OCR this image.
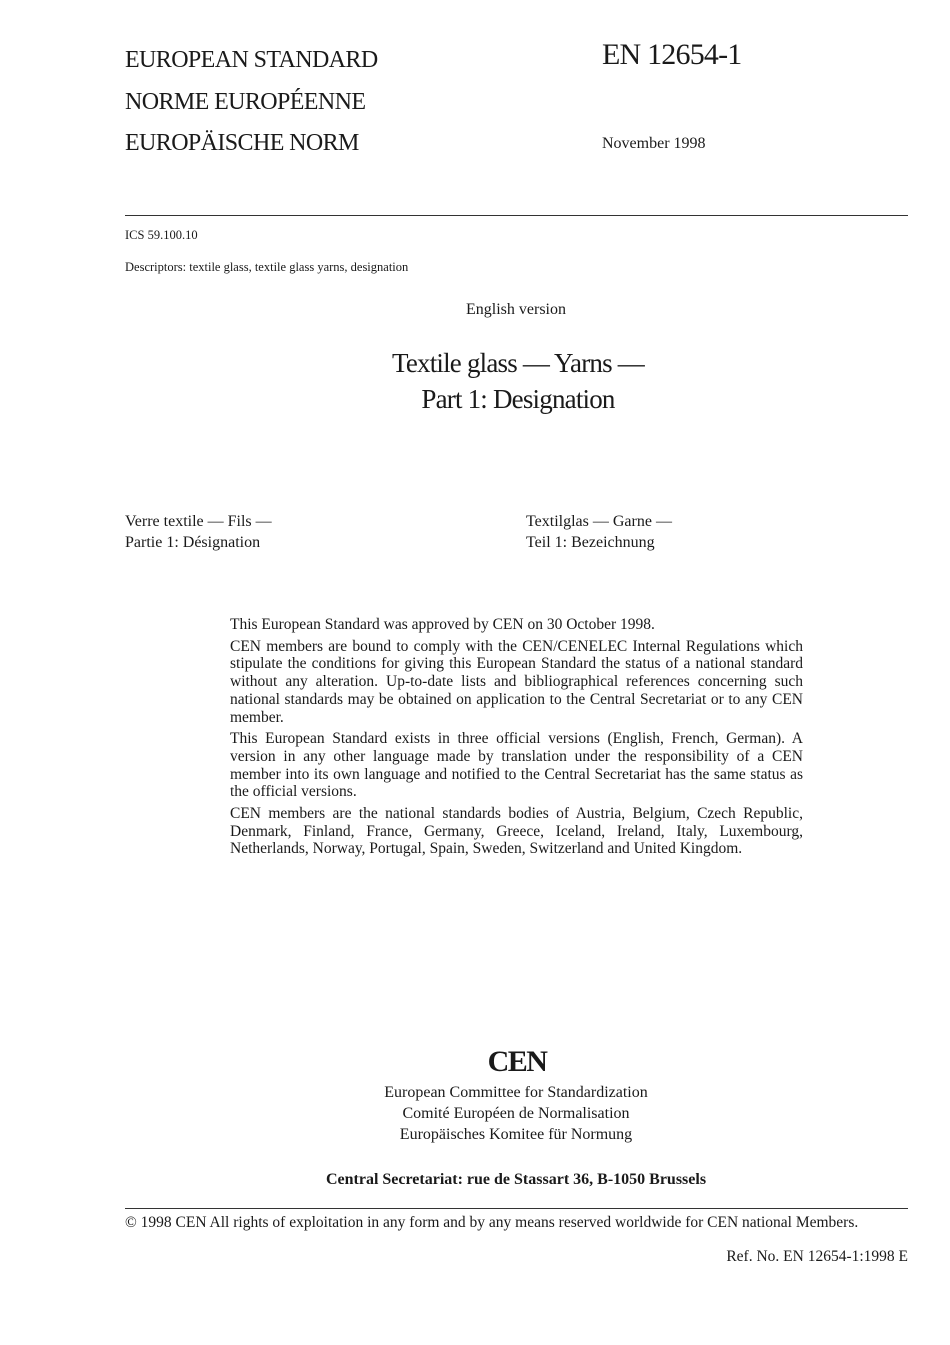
EUROPEAN STANDARD
NORME EUROPÉENNE
EUROPÄISCHE NORM
EN 12654-1
November 1998
ICS 59.100.10
Descriptors: textile glass, textile glass yarns, designation
English version
Textile glass — Yarns —
Part 1: Designation
Verre textile — Fils —
Partie 1: Désignation
Textilglas — Garne —
Teil 1: Bezeichnung

This European Standard was approved by CEN on 30 October 1998.

CEN members are bound to comply with the CEN/CENELEC Internal Regulations which stipulate the conditions for giving this European Standard the status of a national standard without any alteration. Up-to-date lists and bibliographical references concerning such national standards may be obtained on application to the Central Secretariat or to any CEN member.

This European Standard exists in three official versions (English, French, German). A version in any other language made by translation under the responsibility of a CEN member into its own language and notified to the Central Secretariat has the same status as the official versions.

CEN members are the national standards bodies of Austria, Belgium, Czech Republic, Denmark, Finland, France, Germany, Greece, Iceland, Ireland, Italy, Luxembourg, Netherlands, Norway, Portugal, Spain, Sweden, Switzerland and United Kingdom.

CEN
European Committee for Standardization
Comité Européen de Normalisation
Europäisches Komitee für Normung
Central Secretariat: rue de Stassart 36, B-1050 Brussels
© 1998 CEN All rights of exploitation in any form and by any means reserved worldwide for CEN national Members.
Ref. No. EN 12654-1:1998 E
